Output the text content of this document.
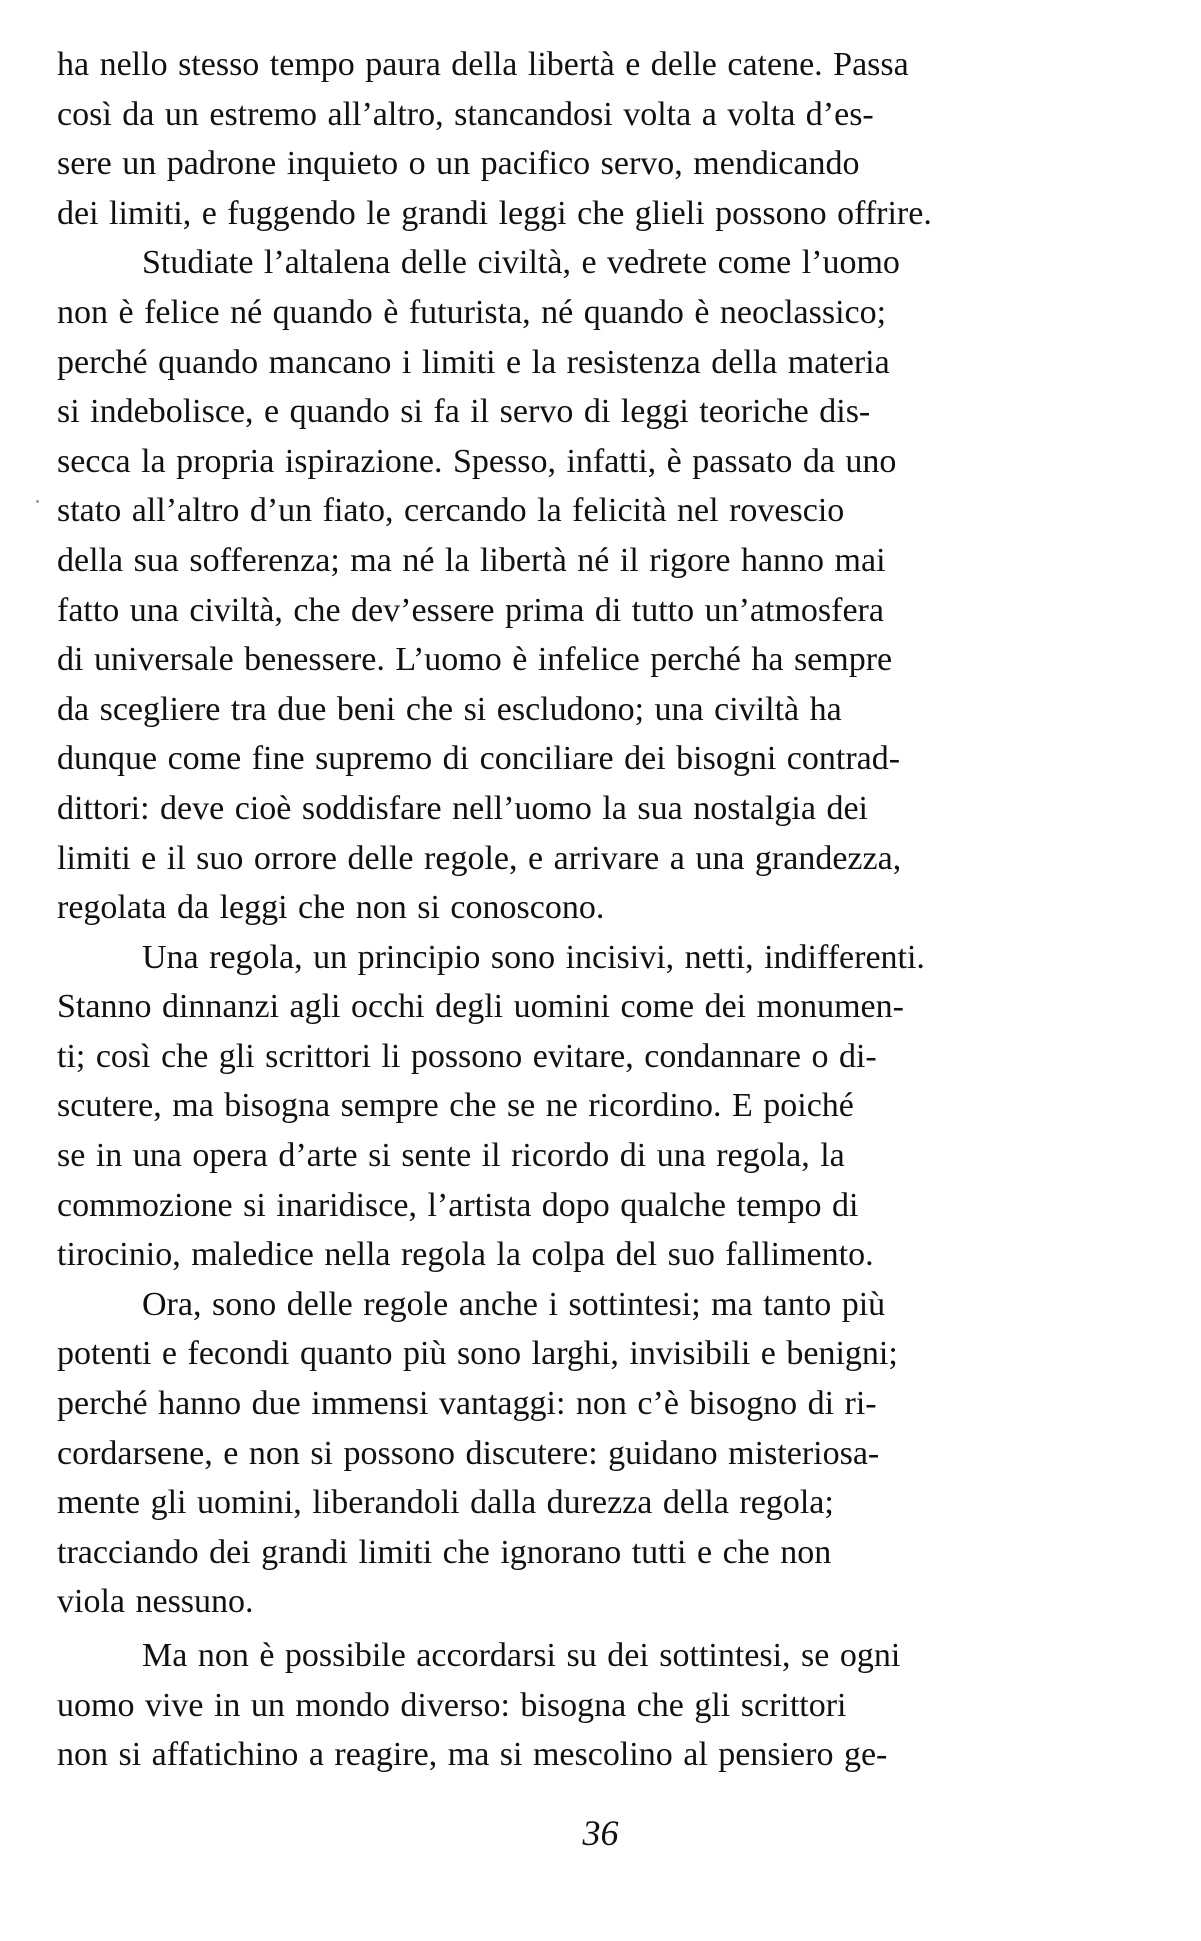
ha nello stesso tempo paura della libertà e delle catene. Passa
così da un estremo all’altro, stancandosi volta a volta d’es-
sere un padrone inquieto o un pacifico servo, mendicando
dei limiti, e fuggendo le grandi leggi che glieli possono offrire.
Studiate l’altalena delle civiltà, e vedrete come l’uomo
non è felice né quando è futurista, né quando è neoclassico;
perché quando mancano i limiti e la resistenza della materia
si indebolisce, e quando si fa il servo di leggi teoriche dis-
secca la propria ispirazione. Spesso, infatti, è passato da uno
stato all’altro d’un fiato, cercando la felicità nel rovescio
della sua sofferenza; ma né la libertà né il rigore hanno mai
fatto una civiltà, che dev’essere prima di tutto un’atmosfera
di universale benessere. L’uomo è infelice perché ha sempre
da scegliere tra due beni che si escludono; una civiltà ha
dunque come fine supremo di conciliare dei bisogni contrad-
dittori: deve cioè soddisfare nell’uomo la sua nostalgia dei
limiti e il suo orrore delle regole, e arrivare a una grandezza,
regolata da leggi che non si conoscono.
Una regola, un principio sono incisivi, netti, indifferenti.
Stanno dinnanzi agli occhi degli uomini come dei monumen-
ti; così che gli scrittori li possono evitare, condannare o di-
scutere, ma bisogna sempre che se ne ricordino. E poiché
se in una opera d’arte si sente il ricordo di una regola, la
commozione si inaridisce, l’artista dopo qualche tempo di
tirocinio, maledice nella regola la colpa del suo fallimento.
Ora, sono delle regole anche i sottintesi; ma tanto più
potenti e fecondi quanto più sono larghi, invisibili e benigni;
perché hanno due immensi vantaggi: non c’è bisogno di ri-
cordarsene, e non si possono discutere: guidano misteriosa-
mente gli uomini, liberandoli dalla durezza della regola;
tracciando dei grandi limiti che ignorano tutti e che non
viola nessuno.
Ma non è possibile accordarsi su dei sottintesi, se ogni
uomo vive in un mondo diverso: bisogna che gli scrittori
non si affatichino a reagire, ma si mescolino al pensiero ge-
36
